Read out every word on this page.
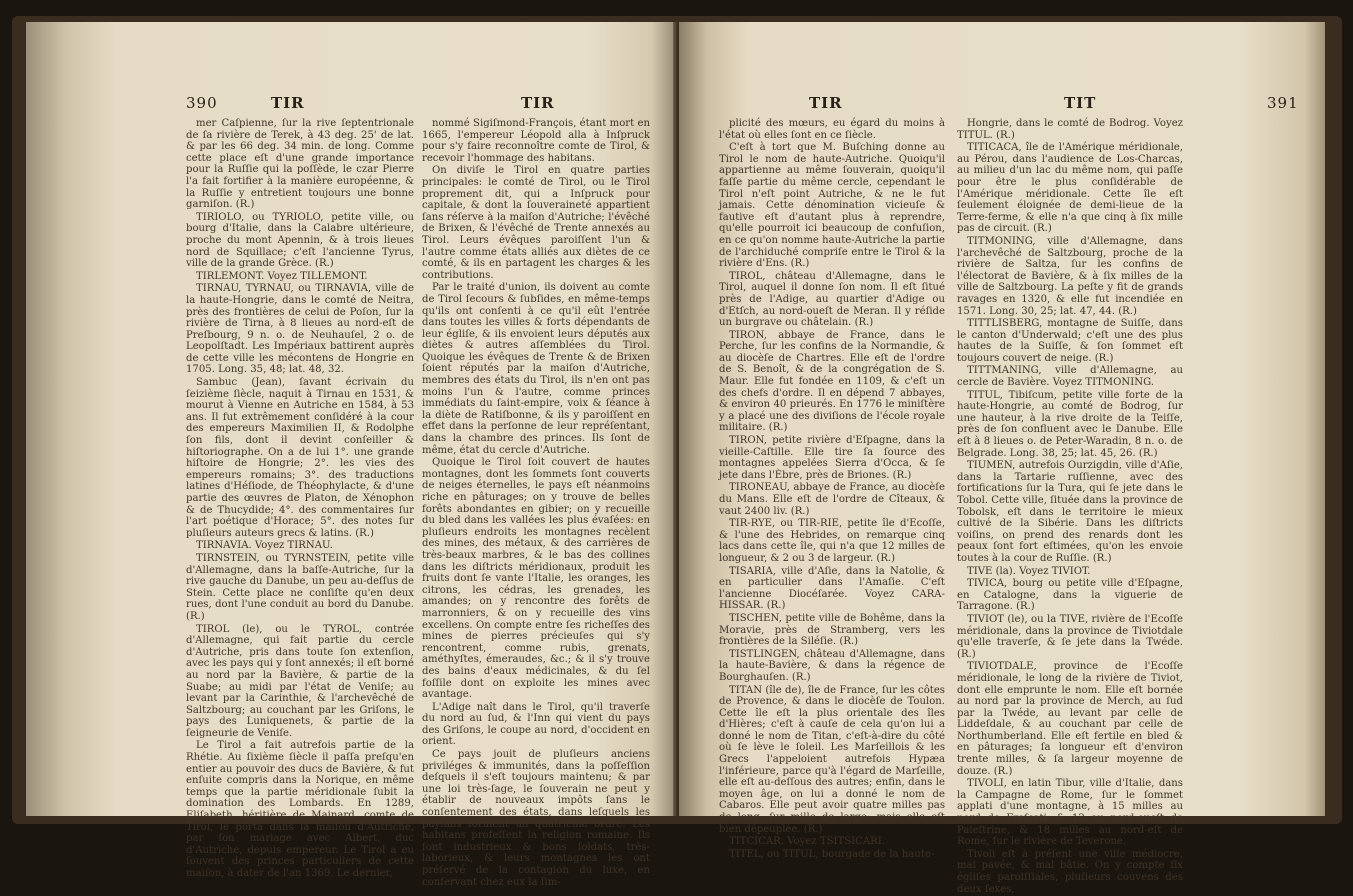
390	TIR	TIR

mer Caſpienne, ſur la rive ſeptentrionale de ſa rivière de Terek, à 43 deg. 25' de lat. & par les 66 deg. 34 min. de long. Comme cette place eſt d'une grande importance pour la Ruſſie qui la poſſède, le czar Pierre l'a fait fortifier à la manière européenne, & la Ruſſie y entretient toujours une bonne garniſon. (R.)

TIRIOLO, ou TYRIOLO, petite ville, ou bourg d'Italie, dans la Calabre ultérieure, proche du mont Apennin, & à trois lieues nord de Squillace; c'eſt l'ancienne Tyrus, ville de la grande Grèce. (R.)

TIRLEMONT. Voyez TILLEMONT.

TIRNAU, TYRNAU, ou TIRNAVIA, ville de la haute-Hongrie, dans le comté de Neitra, près des frontières de celui de Poſon, ſur la rivière de Tirna, à 8 lieues au nord-eſt de Preſbourg, 9 n. o. de Neuhauſel, 2 o. de Leopolſtadt. Les Impériaux battirent auprès de cette ville les mécontens de Hongrie en 1705. Long. 35, 48; lat. 48, 32.

Sambuc (Jean), ſavant écrivain du ſeizième ſiècle, naquit à Tirnau en 1531, & mourut à Vienne en Autriche en 1584, à 53 ans. Il fut extrêmement conſidéré à la cour des empereurs Maximilien II, & Rodolphe ſon fils, dont il devint conſeiller & hiſtoriographe. On a de lui 1°. une grande hiſtoire de Hongrie; 2°. les vies des empereurs romains; 3°. des traductions latines d'Héſiode, de Théophylacte, & d'une partie des œuvres de Platon, de Xénophon & de Thucydide; 4°. des commentaires ſur l'art poétique d'Horace; 5°. des notes ſur pluſieurs auteurs grecs & latins. (R.)

TIRNAVIA. Voyez TIRNAU.

TIRNSTEIN, ou TYRNSTEIN, petite ville d'Allemagne, dans la baſſe-Autriche, ſur la rive gauche du Danube, un peu au-deſſus de Stein. Cette place ne conſiſte qu'en deux rues, dont l'une conduit au bord du Danube. (R.)

TIROL (le), ou le TYROL, contrée d'Allemagne, qui fait partie du cercle d'Autriche, pris dans toute ſon extenſion, avec les pays qui y ſont annexés; il eſt borné au nord par la Bavière, & partie de la Suabe; au midi par l'état de Veniſe; au levant par la Carinthie, & l'archevêché de Saltzbourg; au couchant par les Griſons, le pays des Luniquenets, & partie de la ſeigneurie de Veniſe.

Le Tirol a fait autrefois partie de la Rhétie. Au ſixième ſiècle il paſſa preſqu'en entier au pouvoir des ducs de Bavière, & fut enſuite compris dans la Norique, en même temps que la partie méridionale ſubit la domination des Lombards. En 1289, Eliſabeth, héritière de Mainard, comte de Tirol, le porta dans la maiſon d'Autriche, par ſon mariage avec Albert, duc d'Autriche, depuis empereur. Le Tirol a eu ſouvent des princes particuliers de cette maiſon, à dater de l'an 1369. Le dernier,

nommé Sigiſmond-François, étant mort en 1665, l'empereur Léopold alla à Inſpruck pour s'y faire reconnoître comte de Tirol, & recevoir l'hommage des habitans.

On diviſe le Tirol en quatre parties principales: le comté de Tirol, ou le Tirol proprement dit, qui a Inſpruck pour capitale, & dont la ſouveraineté appartient ſans réſerve à la maiſon d'Autriche; l'évêché de Brixen, & l'évêché de Trente annexés au Tirol. Leurs évêques paroiſſent l'un & l'autre comme états alliés aux diètes de ce comté, & ils en partagent les charges & les contributions.

Par le traité d'union, ils doivent au comte de Tirol ſecours & ſubſides, en même-temps qu'ils ont conſenti à ce qu'il eût l'entrée dans toutes les villes & forts dépendants de leur égliſe, & ils envoient leurs députés aux diètes & autres aſſemblées du Tirol. Quoique les évêques de Trente & de Brixen ſoient réputés par la maiſon d'Autriche, membres des états du Tirol, ils n'en ont pas moins l'un & l'autre, comme princes immédiats du ſaint-empire, voix & ſéance à la diète de Ratiſbonne, & ils y paroiſſent en effet dans la perſonne de leur repréſentant, dans la chambre des princes. Ils ſont de même, état du cercle d'Autriche.

Quoique le Tirol ſoit couvert de hautes montagnes, dont les ſommets ſont couverts de neiges éternelles, le pays eſt néanmoins riche en pâturages; on y trouve de belles forêts abondantes en gibier; on y recueille du bled dans les vallées les plus évaſées: en pluſieurs endroits les montagnes recèlent des mines, des métaux, & des carrières de très-beaux marbres, & le bas des collines dans les diſtricts méridionaux, produit les fruits dont ſe vante l'Italie, les oranges, les citrons, les cédras, les grenades, les amandes; on y rencontre des forêts de marronniers, & on y recueille des vins excellens. On compte entre ſes richeſſes des mines de pierres précieuſes qui s'y rencontrent, comme rubis, grenats, améthyſtes, émeraudes, &c.; & il s'y trouve des bains d'eaux médicinales, & du ſel foſſile dont on exploite les mines avec avantage.

L'Adige naît dans le Tirol, qu'il traverſe du nord au ſud, & l'Inn qui vient du pays des Griſons, le coupe au nord, d'occident en orient.

Ce pays jouit de pluſieurs anciens priviléges & immunités, dans la poſſeſſion deſquels il s'eſt toujours maintenu; & par une loi très-ſage, le ſouverain ne peut y établir de nouveaux impôts ſans le conſentement des états, dans leſquels les payſans forment un quatrième ordre. Les habitans profeſſent la religion romaine. Ils ſont industrieux & bons ſoldats, très-laborieux, & leurs montagnes les ont préſervé de la contagion du luxe, en conſervant chez eux la ſim-

TIR	TIT	391

plicité des mœurs, eu égard du moins à l'état où elles ſont en ce ſiècle.

C'eſt à tort que M. Buſching donne au Tirol le nom de haute-Autriche. Quoiqu'il appartienne au même ſouverain, quoiqu'il faſſe partie du même cercle, cependant le Tirol n'eſt point Autriche, & ne le fut jamais. Cette dénomination vicieuſe & fautive eſt d'autant plus à reprendre, qu'elle pourroit ici beaucoup de confuſion, en ce qu'on nomme haute-Autriche la partie de l'archiduché compriſe entre le Tirol & la rivière d'Ens. (R.)

TIROL, château d'Allemagne, dans le Tirol, auquel il donne ſon nom. Il eſt ſitué près de l'Adige, au quartier d'Adige ou d'Etſch, au nord-oueſt de Meran. Il y réſide un burgrave ou châtelain. (R.)

TIRON, abbaye de France, dans le Perche, ſur les confins de la Normandie, & au diocèſe de Chartres. Elle eſt de l'ordre de S. Benoît, & de la congrégation de S. Maur. Elle fut fondée en 1109, & c'eſt un des chefs d'ordre. Il en dépend 7 abbayes, & environ 40 prieurés. En 1776 le miniſtère y a placé une des diviſions de l'école royale militaire. (R.)

TIRON, petite rivière d'Eſpagne, dans la vieille-Caſtille. Elle tire ſa ſource des montagnes appelées Sierra d'Occa, & ſe jete dans l'Èbre, près de Briones. (R.)

TIRONEAU, abbaye de France, au diocèſe du Mans. Elle eſt de l'ordre de Cîteaux, & vaut 2400 liv. (R.)

TIR-RYE, ou TIR-RIE, petite île d'Ecoſſe, & l'une des Hebrides, on remarque cinq lacs dans cette île, qui n'a que 12 milles de longueur, & 2 ou 3 de largeur. (R.)

TISARIA, ville d'Aſie, dans la Natolie, & en particulier dans l'Amaſie. C'eſt l'ancienne Diocéſarée. Voyez CARA-HISSAR. (R.)

TISCHEN, petite ville de Bohême, dans la Moravie, près de Stramberg, vers les frontières de la Siléſie. (R.)

TISTLINGEN, château d'Allemagne, dans la haute-Bavière, & dans la régence de Bourghauſen. (R.)

TITAN (île de), île de France, ſur les côtes de Provence, & dans le diocèſe de Toulon. Cette île eſt la plus orientale des îles d'Hières; c'eſt à cauſe de cela qu'on lui a donné le nom de Titan, c'eſt-à-dire du côté où ſe lève le ſoleil. Les Marſeillois & les Grecs l'appeloient autrefois Hypæa l'inférieure, parce qu'à l'égard de Marſeille, elle eſt au-deſſous des autres; enfin, dans le moyen âge, on lui a donné le nom de Cabaros. Elle peut avoir quatre milles pas de long, ſur mille de large; mais elle eſt bien dépeuplée. (R.)

TITCICAR. Voyez TSITSICARI.

TITEL, ou TITUL, bourgade de la haute-

Hongrie, dans le comté de Bodrog. Voyez TITUL. (R.)

TITICACA, île de l'Amérique méridionale, au Pérou, dans l'audience de Los-Charcas, au milieu d'un lac du même nom, qui paſſe pour être le plus conſidérable de l'Amérique méridionale. Cette île eſt ſeulement éloignée de demi-lieue de la Terre-ferme, & elle n'a que cinq à ſix mille pas de circuit. (R.)

TITMONING, ville d'Allemagne, dans l'archevêché de Saltzbourg, proche de la rivière de Saltza, ſur les confins de l'électorat de Bavière, & à ſix milles de la ville de Saltzbourg. La peſte y fit de grands ravages en 1320, & elle fut incendiée en 1571. Long. 30, 25; lat. 47, 44. (R.)

TITTLISBERG, montagne de Suiſſe, dans le canton d'Underwald; c'eſt une des plus hautes de la Suiſſe, & ſon ſommet eſt toujours couvert de neige. (R.)

TITTMANING, ville d'Allemagne, au cercle de Bavière. Voyez TITMONING.

TITUL, Tibiſcum, petite ville forte de la haute-Hongrie, au comté de Bodrog, ſur une hauteur, à la rive droite de la Teiſſe, près de ſon confluent avec le Danube. Elle eſt à 8 lieues o. de Peter-Waradin, 8 n. o. de Belgrade. Long. 38, 25; lat. 45, 26. (R.)

TIUMEN, autrefois Ourzigdin, ville d'Aſie, dans la Tartarie ruſſienne, avec des fortifications ſur la Tura, qui ſe jete dans le Tobol. Cette ville, ſituée dans la province de Tobolsk, eſt dans le territoire le mieux cultivé de la Sibérie. Dans les diſtricts voiſins, on prend des renards dont les peaux ſont fort eſtimées, qu'on les envoie toutes à la cour de Ruſſie. (R.)

TIVE (la). Voyez TIVIOT.

TIVICA, bourg ou petite ville d'Eſpagne, en Catalogne, dans la viguerie de Tarragone. (R.)

TIVIOT (le), ou la TIVE, rivière de l'Ecoſſe méridionale, dans la province de Tiviotdale qu'elle traverſe, & ſe jete dans la Twéde. (R.)

TIVIOTDALE, province de l'Ecoſſe méridionale, le long de la rivière de Tiviot, dont elle emprunte le nom. Elle eſt bornée au nord par la province de Merch, au ſud par la Twéde, au levant par celle de Liddeſdale, & au couchant par celle de Northumberland. Elle eſt fertile en bled & en pâturages; ſa longueur eſt d'environ trente milles, & ſa largeur moyenne de douze. (R.)

TIVOLI, en latin Tibur, ville d'Italie, dans la Campagne de Rome, ſur le ſommet applati d'une montagne, à 15 milles au nord de Freſcati, & 12 au nord-oueſt de Paleſtrine, & 18 milles au nord-eſt de Rome, ſur le rivière de Teverone.

Tivoli eſt à préſent une ville médiocre, mal pavée, & mal bâtie. On y compte ſix égliſes paroiſſiales, pluſieurs couvens des deux ſexes,
